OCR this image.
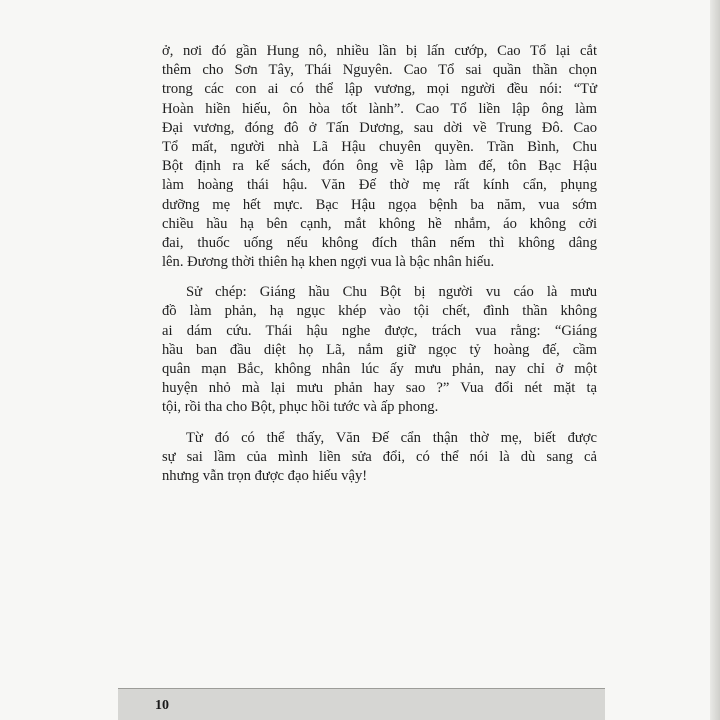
ở, nơi đó gần Hung nô, nhiều lần bị lấn cướp, Cao Tổ lại cắt
thêm cho Sơn Tây, Thái Nguyên. Cao Tổ sai quần thần chọn
trong các con ai có thể lập vương, mọi người đều nói: “Tử
Hoàn hiền hiếu, ôn hòa tốt lành”. Cao Tổ liền lập ông làm
Đại vương, đóng đô ở Tấn Dương, sau dời về Trung Đô. Cao
Tổ mất, người nhà Lã Hậu chuyên quyền. Trần Bình, Chu
Bột định ra kế sách, đón ông về lập làm đế, tôn Bạc Hậu
làm hoàng thái hậu. Văn Đế thờ mẹ rất kính cẩn, phụng
dưỡng mẹ hết mực. Bạc Hậu ngọa bệnh ba năm, vua sớm
chiều hầu hạ bên cạnh, mắt không hề nhắm, áo không cởi
đai, thuốc uống nếu không đích thân nếm thì không dâng
lên. Đương thời thiên hạ khen ngợi vua là bậc nhân hiếu.
Sử chép: Giáng hầu Chu Bột bị người vu cáo là mưu
đồ làm phản, hạ ngục khép vào tội chết, đình thần không
ai dám cứu. Thái hậu nghe được, trách vua rằng: “Giáng
hầu ban đầu diệt họ Lã, nắm giữ ngọc tỷ hoàng đế, cầm
quân mạn Bắc, không nhân lúc ấy mưu phản, nay chỉ ở một
huyện nhỏ mà lại mưu phản hay sao ?” Vua đổi nét mặt tạ
tội, rồi tha cho Bột, phục hồi tước và ấp phong.
Từ đó có thể thấy, Văn Đế cẩn thận thờ mẹ, biết được
sự sai lầm của mình liền sửa đổi, có thể nói là dù sang cả
nhưng vẫn trọn được đạo hiếu vậy!
10
